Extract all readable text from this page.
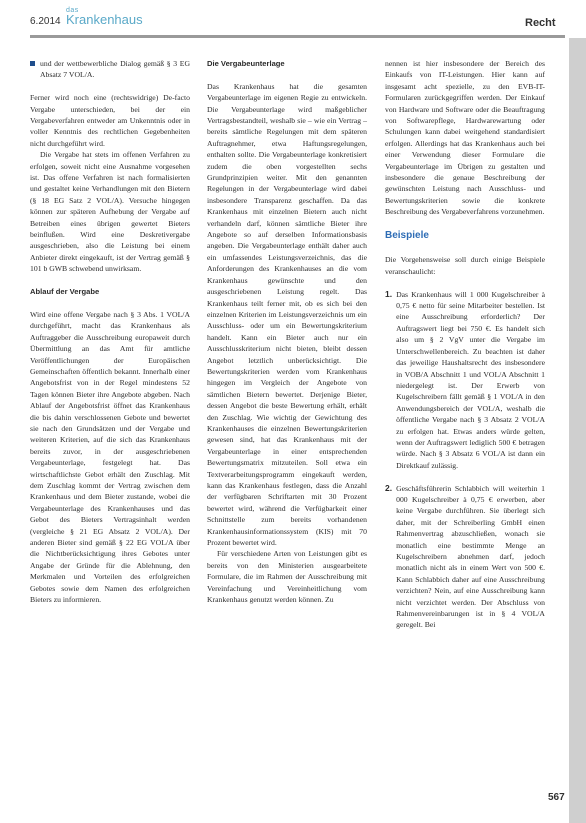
6.2014
das
Krankenhaus	Recht
und der wettbewerbliche Dialog gemäß § 3 EG Absatz 7 VOL/A.

Ferner wird noch eine (rechtswidrige) De-facto Vergabe unterschieden, bei der ein Vergabeverfahren entweder am Unkenntnis oder in voller Kenntnis des rechtlichen Gegebenheiten nicht durchgeführt wird.

Die Vergabe hat stets im offenen Verfahren zu erfolgen, soweit nicht eine Ausnahme vorgesehen ist. Das offene Verfahren ist nach formalisierten und gestaltet keine Verhandlungen mit den Bietern (§ 18 EG Satz 2 VOL/A). Versuche hingegen können zur späteren Aufhebung der Vergabe auf Betreiben eines übrigen gewertet Bieters beinflußen. Wird eine Deskretivergabe ausgeschrieben, also die Leistung bei einem Anbieter direkt eingekauft, ist der Vertrag gemäß § 101 b GWB schwebend unwirksam.

Ablauf der Vergabe

Wird eine offene Vergabe nach § 3 Abs. 1 VOL/A durchgeführt, macht das Krankenhaus als Auftraggeber die Ausschreibung europaweit durch Übermittlung an das Amt für amtliche Veröffentlichungen der Europäischen Gemeinschaften öffentlich bekannt. Innerhalb einer Angebotsfrist von in der Regel mindestens 52 Tagen können Bieter ihre Angebote abgeben. Nach Ablauf der Angebotsfrist öffnet das Krankenhaus die bis dahin verschlossenen Gebote und bewertet sie nach den Grundsätzen und der Vergabe und weiteren Kriterien, auf die sich das Krankenhaus bereits zuvor, in der ausgeschriebenen Vergabeunterlage, festgelegt hat. Das wirtschaftlichste Gebot erhält den Zuschlag. Mit dem Zuschlag kommt der Vertrag zwischen dem Krankenhaus und dem Bieter zustande, wobei die Vergabeunterlage des Krankenhauses und das Gebot des Bieters Vertragsinhalt werden (vergleiche § 21 EG Absatz 2 VOL/A). Der anderen Bieter sind gemäß § 22 EG VOL/A über die Nichtberücksichtigung ihres Gebotes unter Angabe der Gründe für die Ablehnung, den Merkmalen und Vorteilen des erfolgreichen Gebotes sowie dem Namen des erfolgreichen Bieters zu informieren.

Die Vergabeunterlage

Das Krankenhaus hat die gesamten Vergabeunterlage im eigenen Regie zu entwickeln. Die Vergabeunterlage wird maßgeblicher Vertragsbestandteil, weshalb sie – wie ein Vertrag – bereits sämtliche Regelungen mit dem späteren Auftragnehmer, etwa Haftungsregelungen, enthalten sollte. Die Vergabeunterlage konkretisiert zudem die oben vorgestellten sechs Grundprinzipien weiter. Mit den genannten Regelungen in der Vergabeunterlage wird dabei insbesondere Transparenz geschaffen. Da das Krankenhaus mit einzelnen Bietern auch nicht verhandeln darf, können sämtliche Bieter ihre Angebote so auf derselben Informationsbasis angeben. Die Vergabeunterlage enthält daher auch ein umfassendes Leistungsverzeichnis, das die Anforderungen des Krankenhauses an die vom Krankenhaus gewünschte und den ausgeschriebenen Leistung regelt. Das Krankenhaus teilt ferner mit, ob es sich bei den einzelnen Kriterien im Leistungsverzeichnis um ein Ausschluss- oder um ein Bewertungskriterium handelt. Kann ein Bieter auch nur ein Ausschlusskriterium nicht bieten, bleibt dessen Angebot letztlich unberücksichtigt. Die Bewertungskriterien werden vom Krankenhaus hingegen im Vergleich der Angebote von sämtlichen Bietern bewertet. Derjenige Bieter, dessen Angebot die beste Bewertung erhält, erhält den Zuschlag. Wie wichtig der Gewichtung des Krankenhauses die einzelnen Bewertungskriterien gewesen sind, hat das Krankenhaus mit der Vergabeunterlage in einer entsprechenden Bewertungsmatrix mitzuteilen. Soll etwa ein Textverarbeitungsprogramm eingekauft werden, kann das Krankenhaus festlegen, dass die Anzahl der verfügbaren Schriftarten mit 30 Prozent bewertet wird, während die Verfügbarkeit einer Schnittstelle zum bereits vorhandenen Krankenhausinformationssystem (KIS) mit 70 Prozent bewertet wird.

Für verschiedene Arten von Leistungen gibt es bereits von den Ministerien ausgearbeitete Formulare, die im Rahmen der Ausschreibung mit Vereinfachung und Vereinheitlichung vom Krankenhaus genutzt werden können. Zu

nennen ist hier insbesondere der Bereich des Einkaufs von IT-Leistungen. Hier kann auf insgesamt acht spezielle, zu den EVB-IT-Formularen zurückgegriffen werden. Der Einkauf von Hardware und Software oder die Beauftragung von Softwarepflege, Hardwarewartung oder Schulungen kann dabei weitgehend standardisiert erfolgen. Allerdings hat das Krankenhaus auch bei einer Verwendung dieser Formulare die Vergabeunterlage im Übrigen zu gestalten und insbesondere die genaue Beschreibung der gewünschten Leistung nach Ausschluss- und Bewertungskriterien sowie die konkrete Beschreibung des Vergabeverfahrens vorzunehmen.

Beispiele

Die Vorgehensweise soll durch einige Beispiele veranschaulicht:

1. Das Krankenhaus will 1 000 Kugelschreiber à 0,75 € netto für seine Mitarbeiter bestellen. Ist eine Ausschreibung erforderlich? Der Auftragswert liegt bei 750 €. Es handelt sich also um § 2 VgV unter die Vergabe im Unterschwellenbereich. Zu beachten ist daher das jeweilige Haushaltsrecht des insbesondere in VOB/A Abschnitt 1 und VOL/A Abschnitt 1 niedergelegt ist. Der Erwerb von Kugelschreibern fällt gemäß § 1 VOL/A in den Anwendungsbereich der VOL/A, weshalb die öffentliche Vergabe nach § 3 Absatz 2 VOL/A zu erfolgen hat. Etwas anders würde gelten, wenn der Auftragswert lediglich 500 € betragen würde. Nach § 3 Absatz 6 VOL/A ist dann ein Direktkauf zulässig.
2. Geschäftsführerin Schlabbich will weiterhin 1 000 Kugelschreiber à 0,75 € erwerben, aber keine Vergabe durchführen. Sie überlegt sich daher, mit der Schreiberling GmbH einen Rahmenvertrag abzuschließen, wonach sie monatlich eine bestimmte Menge an Kugelschreibern abnehmen darf, jedoch monatlich nicht als in einem Wert von 500 €. Kann Schlabbich daher auf eine Ausschreibung verzichten? Nein, auf eine Ausschreibung kann nicht verzichtet werden. Der Abschluss von Rahmenvereinbarungen ist in § 4 VOL/A geregelt. Bei
567
